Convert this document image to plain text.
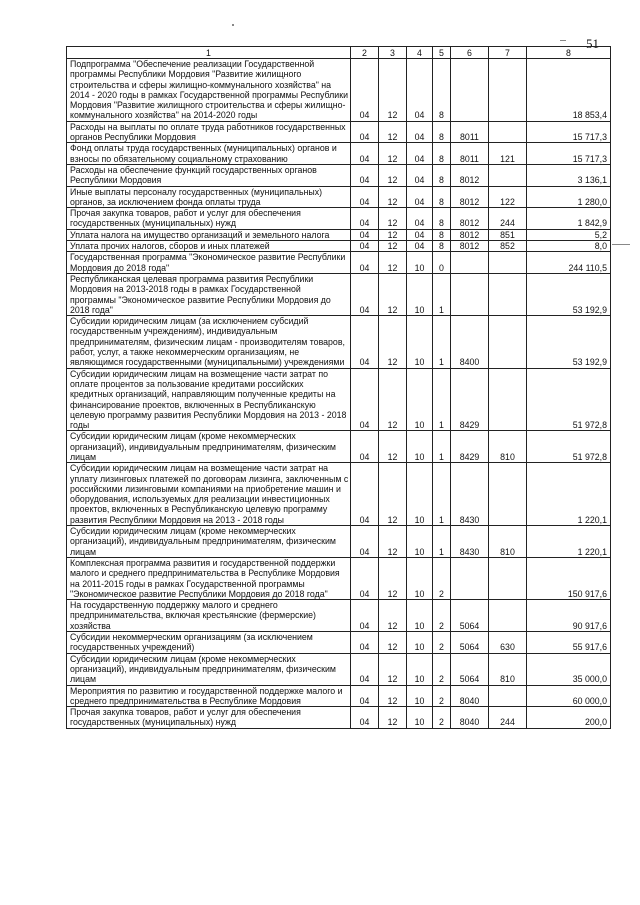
51
1	2	3	4	5	6	7	8
Подпрограмма "Обеспечение реализации Государственной программы Республики Мордовия "Развитие жилищного строительства и сферы жилищно-коммунального хозяйства" на 2014 - 2020 годы в рамках Государственной программы Республики Мордовия "Развитие жилищного строительства и сферы жилищно-коммунального хозяйства" на 2014-2020 годы	04	12	04	8			18 853,4
Расходы на выплаты по оплате труда работников государственных органов Республики Мордовия	04	12	04	8	8011		15 717,3
Фонд оплаты труда государственных (муниципальных) органов и взносы по обязательному социальному страхованию	04	12	04	8	8011	121	15 717,3
Расходы на обеспечение функций государственных органов Республики Мордовия	04	12	04	8	8012		3 136,1
Иные выплаты персоналу государственных (муниципальных) органов, за исключением фонда оплаты труда	04	12	04	8	8012	122	1 280,0
Прочая закупка товаров, работ и услуг для обеспечения государственных (муниципальных) нужд	04	12	04	8	8012	244	1 842,9
Уплата налога на имущество организаций и земельного налога	04	12	04	8	8012	851	5,2
Уплата прочих налогов, сборов и иных платежей	04	12	04	8	8012	852	8,0
Государственная программа "Экономическое развитие Республики Мордовия до 2018 года"	04	12	10	0			244 110,5
Республиканская целевая программа развития Республики Мордовия на 2013-2018 годы в рамках Государственной программы "Экономическое развитие Республики Мордовия до 2018 года"	04	12	10	1			53 192,9
Субсидии юридическим лицам (за исключением субсидий государственным учреждениям), индивидуальным предпринимателям, физическим лицам - производителям товаров, работ, услуг, а также некоммерческим организациям, не являющимся государственными (муниципальными) учреждениями	04	12	10	1	8400		53 192,9
Субсидии юридическим лицам на возмещение части затрат по оплате процентов за пользование кредитами российских кредитных организаций, направляющим полученные кредиты на финансирование проектов, включенных в Республиканскую целевую программу развития Республики Мордовия на 2013 - 2018 годы	04	12	10	1	8429		51 972,8
Субсидии юридическим лицам (кроме некоммерческих организаций), индивидуальным предпринимателям, физическим лицам	04	12	10	1	8429	810	51 972,8
Субсидии юридическим лицам на возмещение части затрат на уплату лизинговых платежей по договорам лизинга, заключенным с российскими лизинговыми компаниями на приобретение машин и оборудования, используемых для реализации инвестиционных проектов, включенных в Республиканскую целевую программу развития Республики Мордовия на 2013 - 2018 годы	04	12	10	1	8430		1 220,1
Субсидии юридическим лицам (кроме некоммерческих организаций), индивидуальным предпринимателям, физическим лицам	04	12	10	1	8430	810	1 220,1
Комплексная программа развития и государственной поддержки малого и среднего предпринимательства в Республике Мордовия на 2011-2015 годы в рамках Государственной программы "Экономическое развитие Республики Мордовия до 2018 года"	04	12	10	2			150 917,6
На государственную поддержку малого и среднего предпринимательства, включая крестьянские (фермерские) хозяйства	04	12	10	2	5064		90 917,6
Субсидии некоммерческим организациям (за исключением государственных учреждений)	04	12	10	2	5064	630	55 917,6
Субсидии юридическим лицам (кроме некоммерческих организаций), индивидуальным предпринимателям, физическим лицам	04	12	10	2	5064	810	35 000,0
Мероприятия по развитию и государственной поддержке малого и среднего предпринимательства в Республике Мордовия	04	12	10	2	8040		60 000,0
Прочая закупка товаров, работ и услуг для обеспечения государственных (муниципальных) нужд	04	12	10	2	8040	244	200,0
